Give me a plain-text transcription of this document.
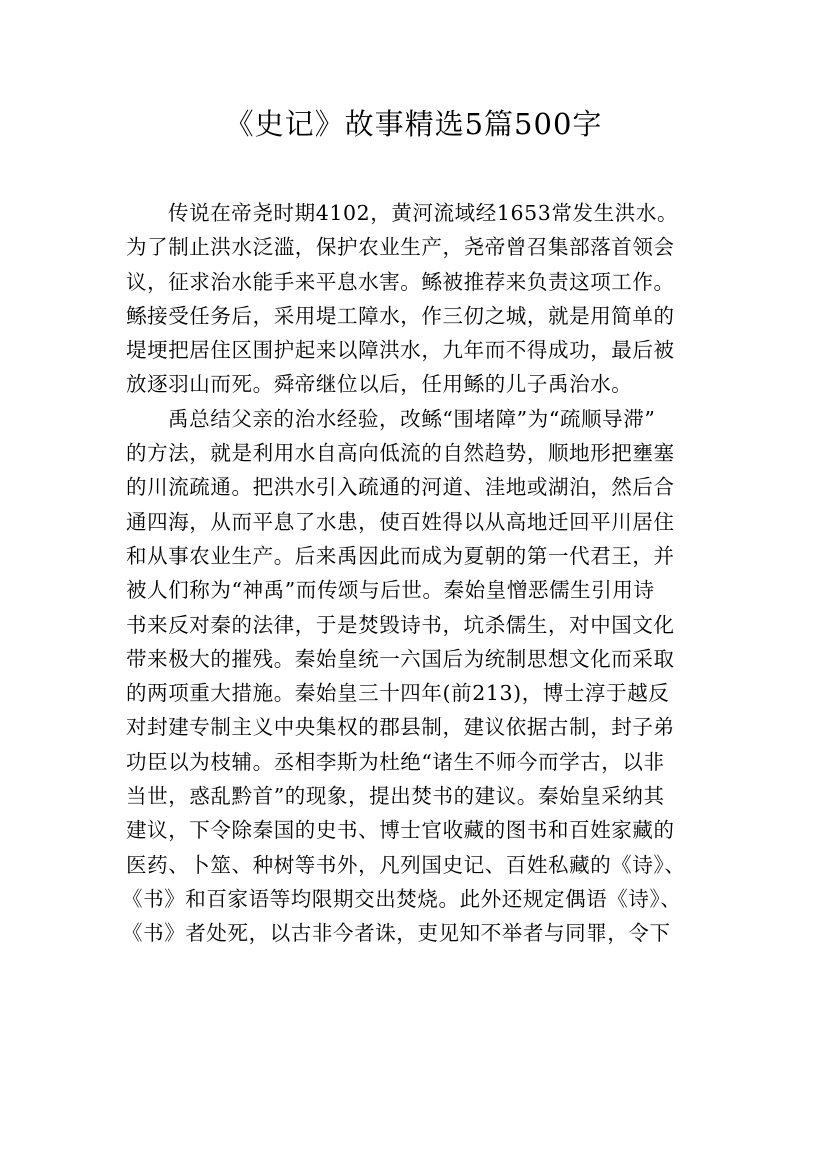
《史记》故事精选5篇500字
传说在帝尧时期4102，黄河流域经1653常发生洪水。
为了制止洪水泛滥，保护农业生产，尧帝曾召集部落首领会
议，征求治水能手来平息水害。鲧被推荐来负责这项工作。
鲧接受任务后，采用堤工障水，作三仞之城，就是用简单的
堤埂把居住区围护起来以障洪水，九年而不得成功，最后被
放逐羽山而死。舜帝继位以后，任用鲧的儿子禹治水。
禹总结父亲的治水经验，改鲧“围堵障”为“疏顺导滞”
的方法，就是利用水自高向低流的自然趋势，顺地形把壅塞
的川流疏通。把洪水引入疏通的河道、洼地或湖泊，然后合
通四海，从而平息了水患，使百姓得以从高地迁回平川居住
和从事农业生产。后来禹因此而成为夏朝的第一代君王，并
被人们称为“神禹”而传颂与后世。秦始皇憎恶儒生引用诗
书来反对秦的法律，于是焚毁诗书，坑杀儒生，对中国文化
带来极大的摧残。秦始皇统一六国后为统制思想文化而采取
的两项重大措施。秦始皇三十四年(前213)，博士淳于越反
对封建专制主义中央集权的郡县制，建议依据古制，封子弟
功臣以为枝辅。丞相李斯为杜绝“诸生不师今而学古，以非
当世，惑乱黔首”的现象，提出焚书的建议。秦始皇采纳其
建议，下令除秦国的史书、博士官收藏的图书和百姓家藏的
医药、卜筮、种树等书外，凡列国史记、百姓私藏的《诗》、
《书》和百家语等均限期交出焚烧。此外还规定偶语《诗》、
《书》者处死，以古非今者诛，吏见知不举者与同罪，令下
